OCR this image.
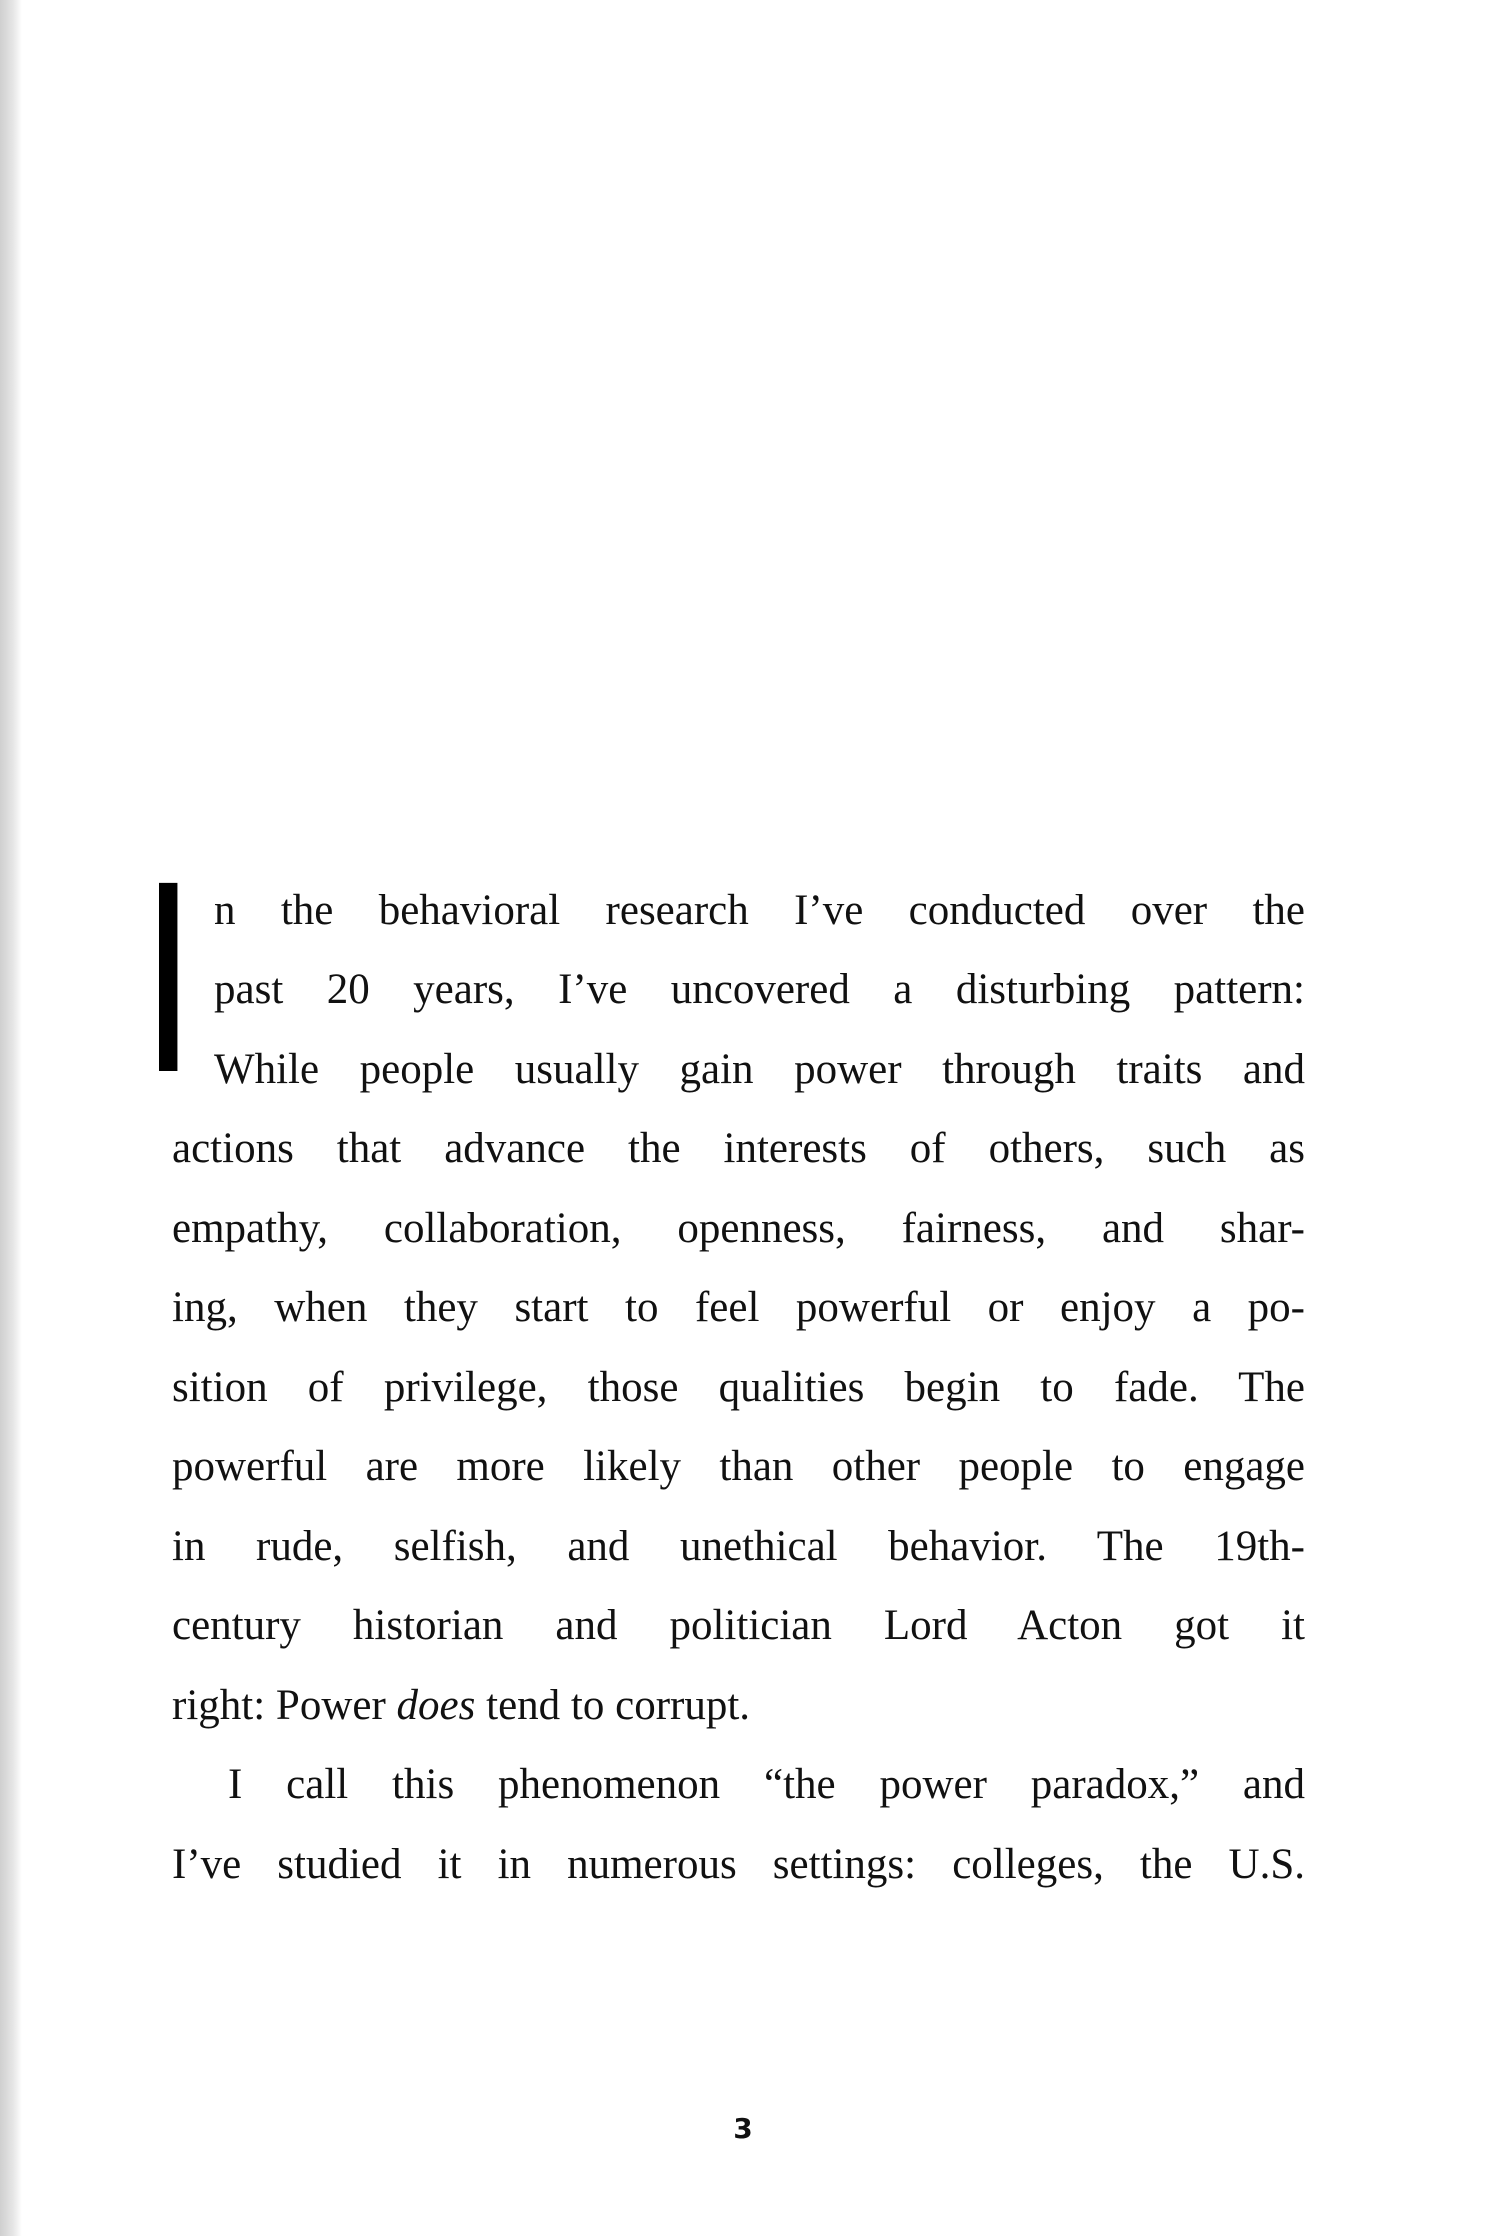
I n the behavioral research I’ve conducted over the
past 20 years, I’ve uncovered a disturbing pattern:
While people usually gain power through traits and
actions that advance the interests of others, such as
empathy, collaboration, openness, fairness, and shar-
ing, when they start to feel powerful or enjoy a po-
sition of privilege, those qualities begin to fade. The
powerful are more likely than other people to engage
in rude, selfish, and unethical behavior. The 19th-
century historian and politician Lord Acton got it
right: Power does tend to corrupt.
I call this phenomenon “the power paradox,” and
I’ve studied it in numerous settings: colleges, the U.S.
3
